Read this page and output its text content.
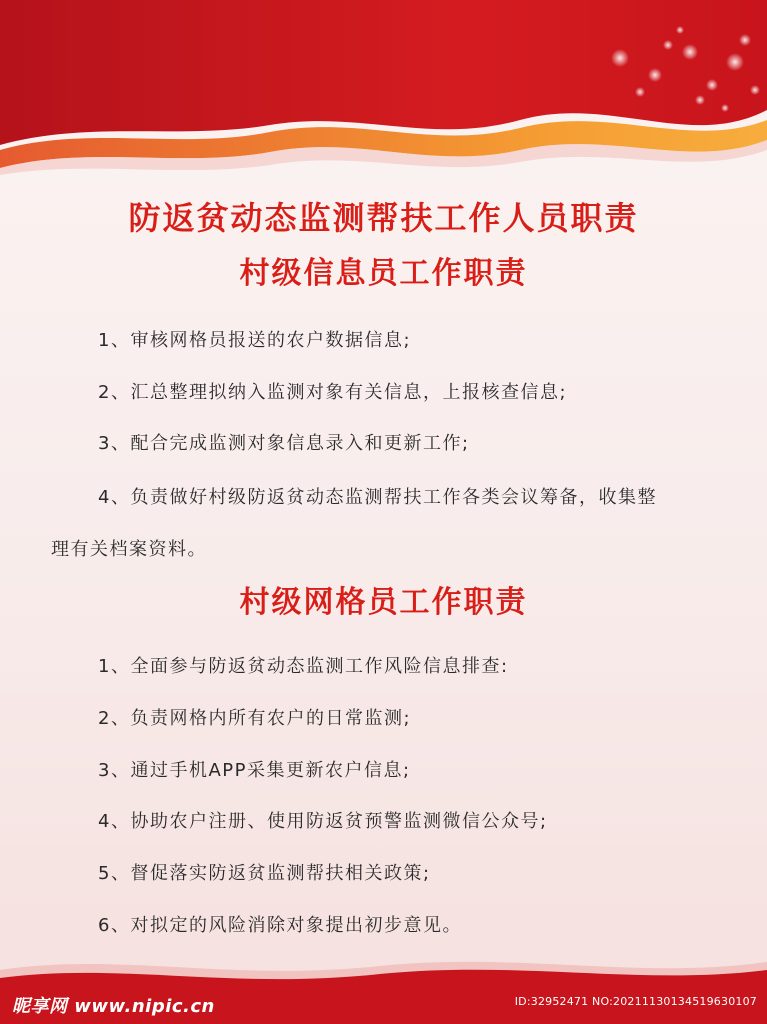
防返贫动态监测帮扶工作人员职责
村级信息员工作职责
1、审核网格员报送的农户数据信息;
2、汇总整理拟纳入监测对象有关信息，上报核查信息;
3、配合完成监测对象信息录入和更新工作;
4、负责做好村级防返贫动态监测帮扶工作各类会议筹备，收集整
理有关档案资料。
村级网格员工作职责
1、全面参与防返贫动态监测工作风险信息排查:
2、负责网格内所有农户的日常监测;
3、通过手机APP采集更新农户信息;
4、协助农户注册、使用防返贫预警监测微信公众号;
5、督促落实防返贫监测帮扶相关政策;
6、对拟定的风险消除对象提出初步意见。
昵享网 www.nipic.cn	ID:32952471 NO:20211130134519630107
